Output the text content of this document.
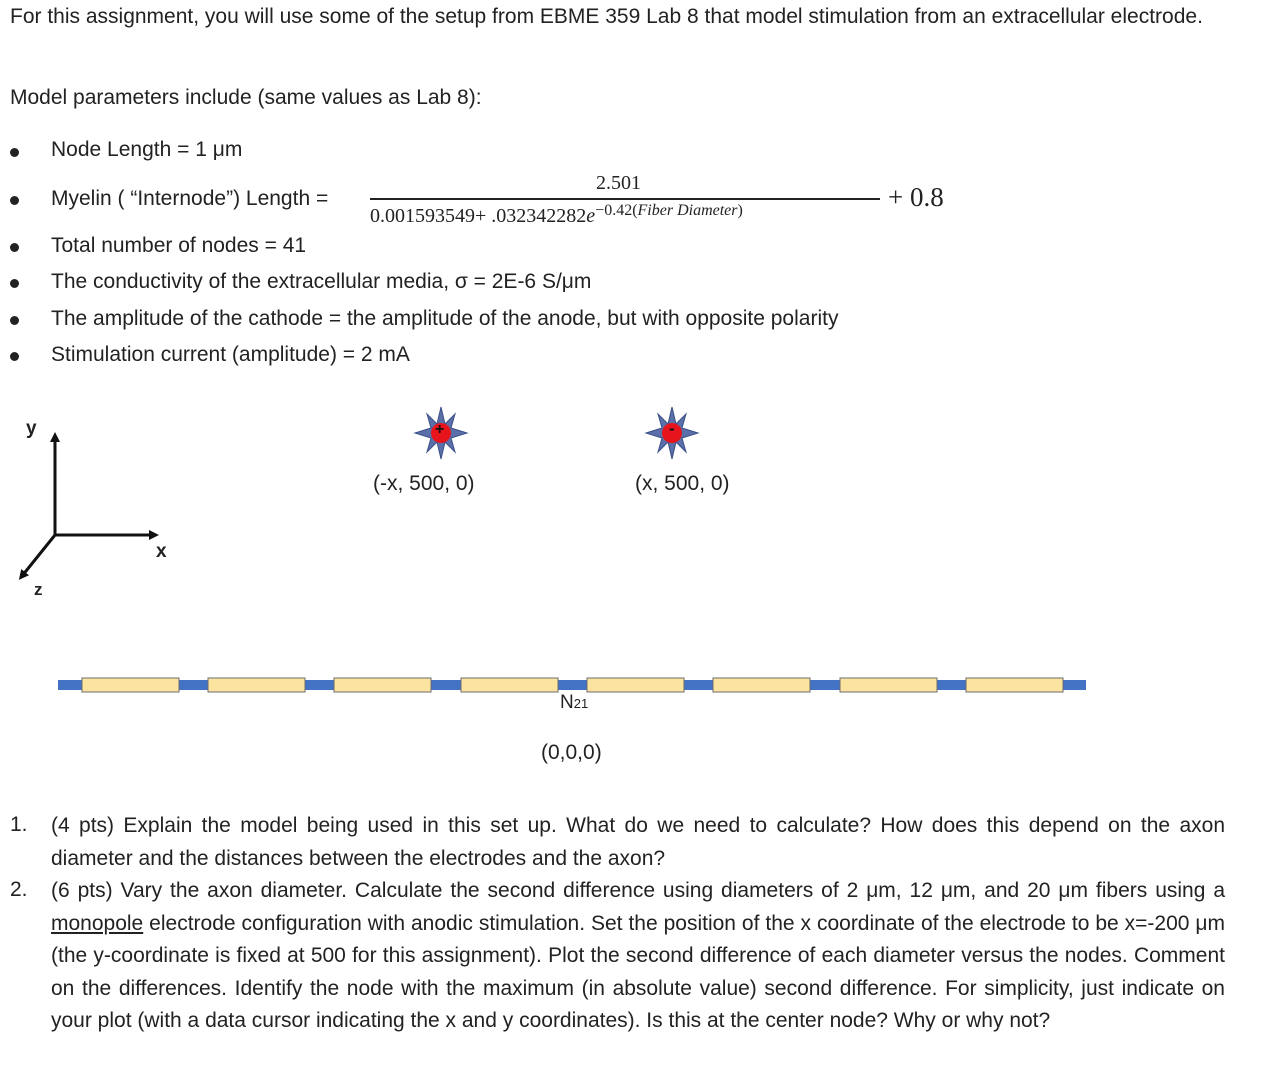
For this assignment, you will use some of the setup from EBME 359 Lab 8 that model stimulation from an extracellular electrode.
Model parameters include (same values as Lab 8):
Node Length = 1 μm
Myelin ( “Internode”) Length =
2.501
$0.001593549+ .032342282e^{-0.42(Fiber Diameter)}$	+ 0.8
Total number of nodes = 41
The conductivity of the extracellular media, σ = 2E-6 S/μm
The amplitude of the cathode = the amplitude of the anode, but with opposite polarity
Stimulation current (amplitude) = 2 mA
y
x
z
+	-
(-x, 500, 0)	(x, 500, 0)
N21
(0,0,0)
1. (4 pts) Explain the model being used in this set up. What do we need to calculate? How does this depend on the axon diameter and the distances between the electrodes and the axon?
2. (6 pts) Vary the axon diameter. Calculate the second difference using diameters of 2 μm, 12 μm, and 20 μm fibers using a monopole electrode configuration with anodic stimulation. Set the position of the x coordinate of the electrode to be x=-200 μm (the y-coordinate is fixed at 500 for this assignment). Plot the second difference of each diameter versus the nodes. Comment on the differences. Identify the node with the maximum (in absolute value) second difference. For simplicity, just indicate on your plot (with a data cursor indicating the x and y coordinates). Is this at the center node? Why or why not?
